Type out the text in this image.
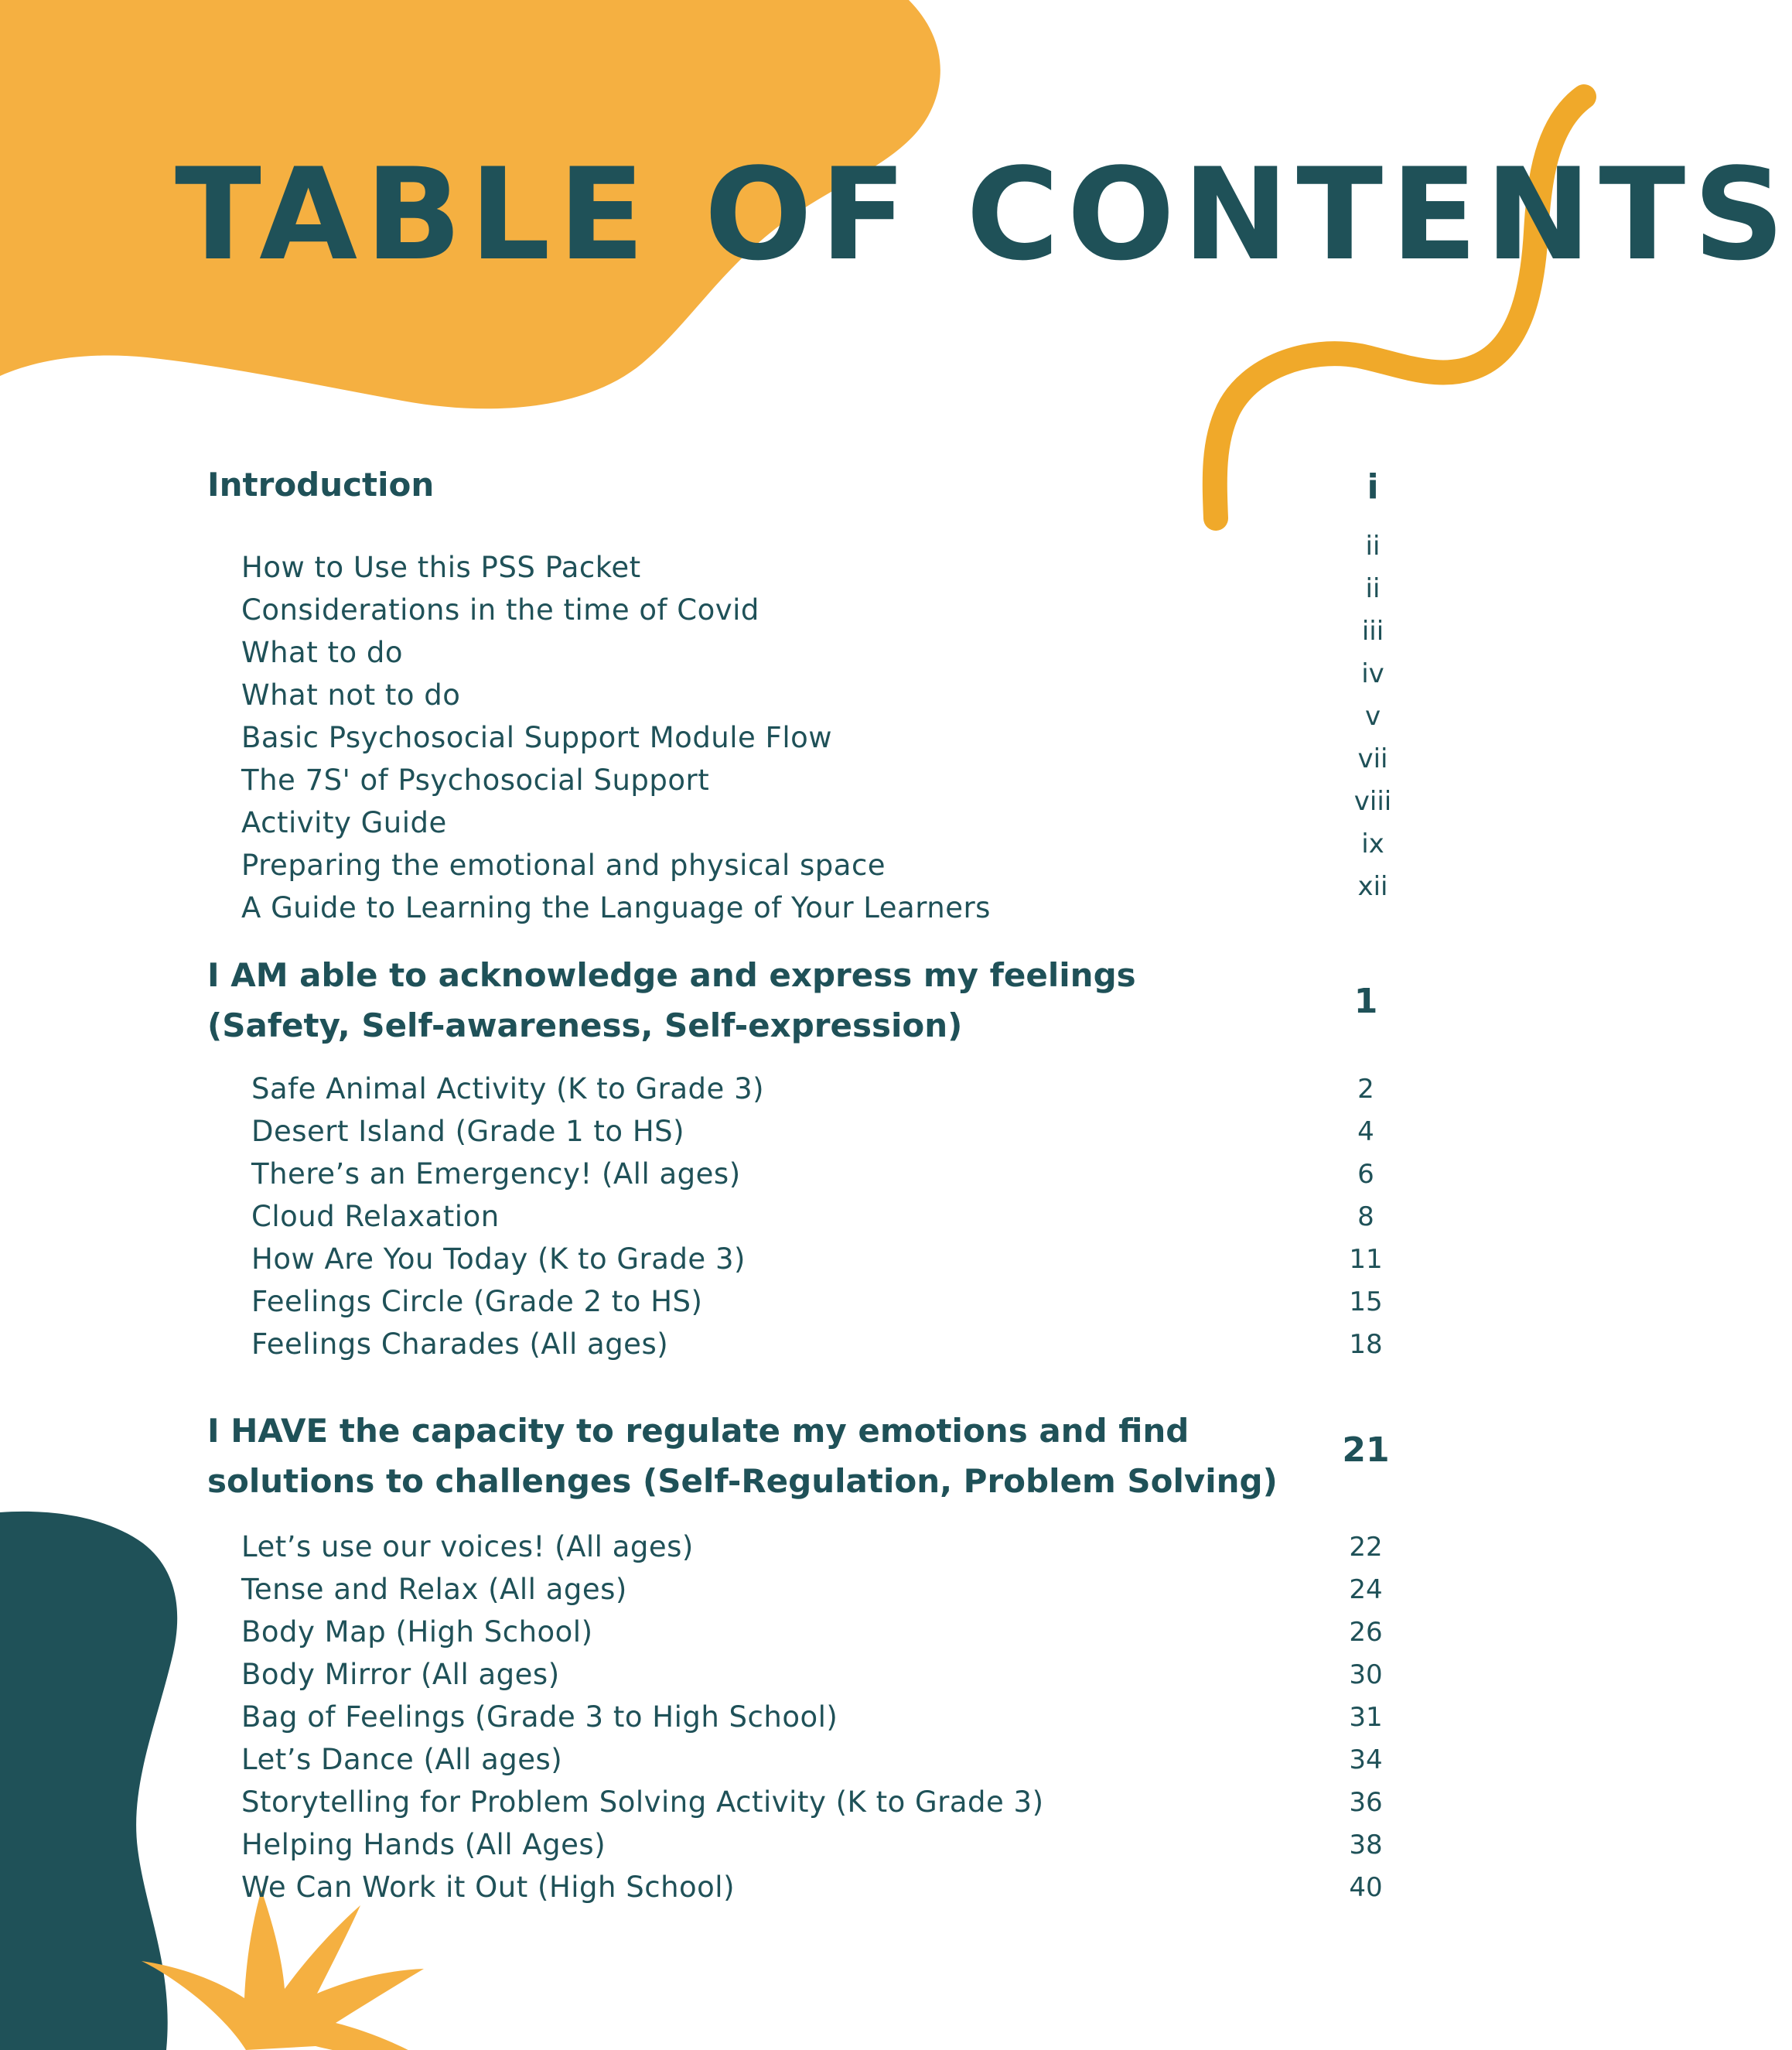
TABLE OF CONTENTS
Introduction	i
How to Use this PSS Packet
Considerations in the time of Covid
What to do
What not to do
Basic Psychosocial Support Module Flow
The 7S' of Psychosocial Support
Activity Guide
Preparing the emotional and physical space
A Guide to Learning the Language of Your Learners
ii
ii
iii
iv
v
vii
viii
ix
xii
I AM able to acknowledge and express my feelings
(Safety, Self-awareness, Self-expression)
1
Safe Animal Activity (K to Grade 3)
Desert Island (Grade 1 to HS)
There’s an Emergency! (All ages)
Cloud Relaxation
How Are You Today (K to Grade 3)
Feelings Circle (Grade 2 to HS)
Feelings Charades (All ages)
2
4
6
8
11
15
18
I HAVE the capacity to regulate my emotions and find
solutions to challenges (Self-Regulation, Problem Solving)
21
Let’s use our voices! (All ages)
Tense and Relax (All ages)
Body Map (High School)
Body Mirror (All ages)
Bag of Feelings (Grade 3 to High School)
Let’s Dance (All ages)
Storytelling for Problem Solving Activity (K to Grade 3)
Helping Hands (All Ages)
We Can Work it Out (High School)
22
24
26
30
31
34
36
38
40
